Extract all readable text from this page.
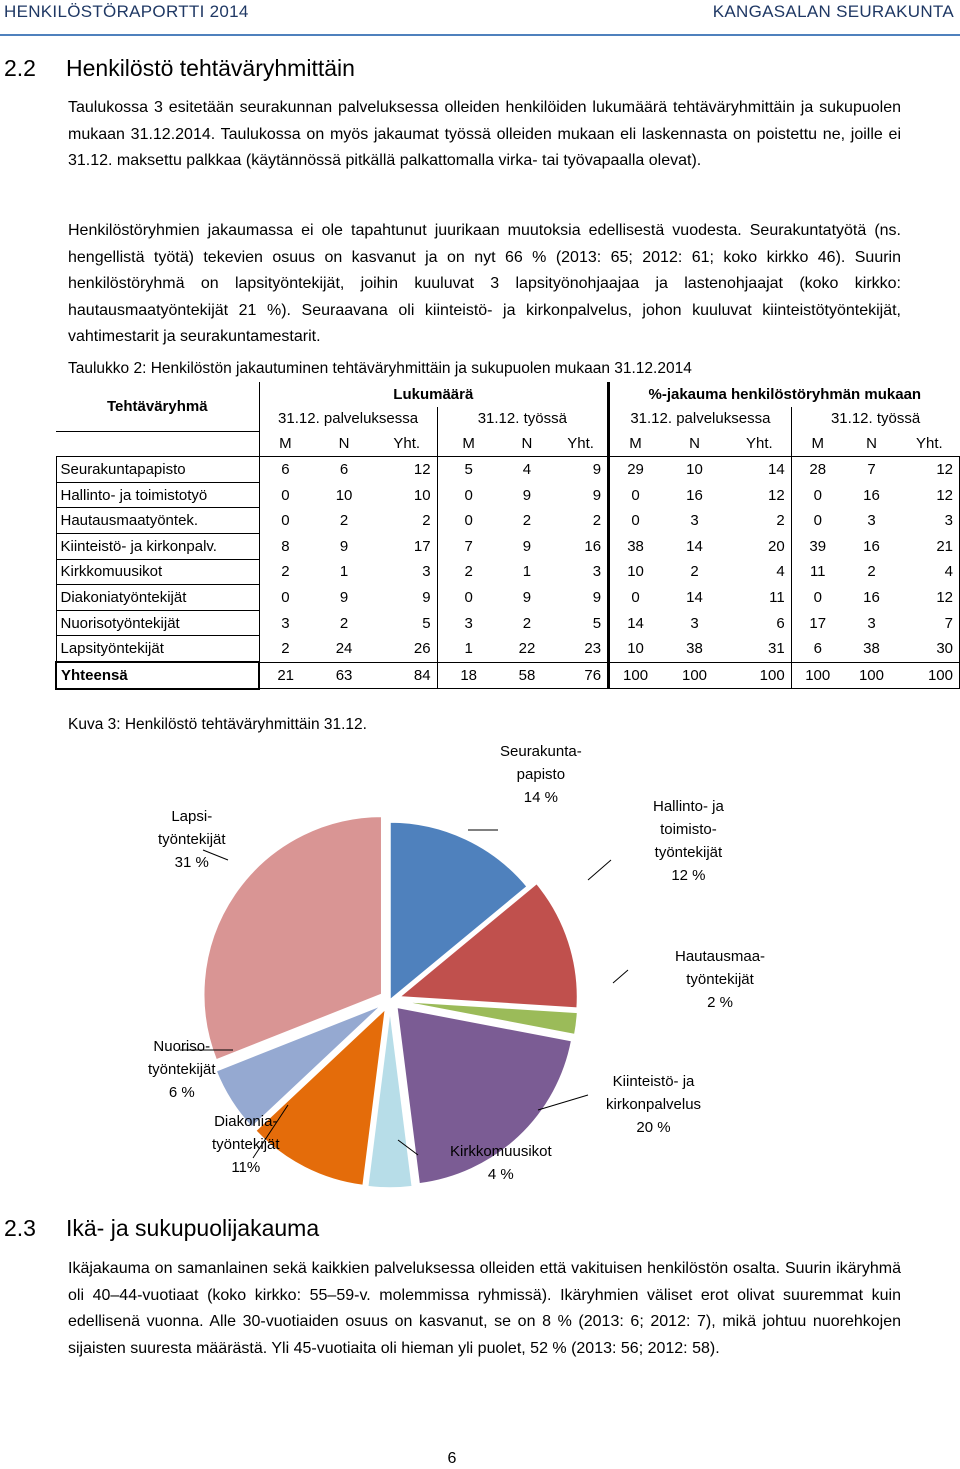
HENKILÖSTÖRAPORTTI 2014	KANGASALAN SEURAKUNTA
2.2 Henkilöstö tehtäväryhmittäin
Taulukossa 3 esitetään seurakunnan palveluksessa olleiden henkilöiden lukumäärä tehtäväryhmittäin ja sukupuolen mukaan 31.12.2014. Taulukossa on myös jakaumat työssä olleiden mukaan eli laskennasta on poistettu ne, joille ei 31.12. maksettu palkkaa (käytännössä pitkällä palkattomalla virka- tai työvapaalla olevat).
Henkilöstöryhmien jakaumassa ei ole tapahtunut juurikaan muutoksia edellisestä vuodesta. Seurakuntatyötä (ns. hengellistä työtä) tekevien osuus on kasvanut ja on nyt 66 % (2013: 65; 2012: 61; koko kirkko 46). Suurin henkilöstöryhmä on lapsityöntekijät, joihin kuuluvat 3 lapsityönohjaajaa ja lastenohjaajat (koko kirkko: hautausmaatyöntekijät 21 %). Seuraavana oli kiinteistö- ja kirkonpalvelus, johon kuuluvat kiinteistötyöntekijät, vahtimestarit ja seurakuntamestarit.
Taulukko 2: Henkilöstön jakautuminen tehtäväryhmittäin ja sukupuolen mukaan 31.12.2014
Tehtäväryhmä	Lukumäärä						%-jakauma henkilöstöryhmän mukaan					
	31.12. palveluksessa			31.12. työssä			31.12. palveluksessa			31.12. työssä		
	M	N	Yht.	M	N	Yht.	M	N	Yht.	M	N	Yht.
Seurakuntapapisto	6	6	12	5	4	9	29	10	14	28	7	12
Hallinto- ja toimistotyö	0	10	10	0	9	9	0	16	12	0	16	12
Hautausmaatyöntek.	0	2	2	0	2	2	0	3	2	0	3	3
Kiinteistö- ja kirkonpalv.	8	9	17	7	9	16	38	14	20	39	16	21
Kirkkomuusikot	2	1	3	2	1	3	10	2	4	11	2	4
Diakoniatyöntekijät	0	9	9	0	9	9	0	14	11	0	16	12
Nuorisotyöntekijät	3	2	5	3	2	5	14	3	6	17	3	7
Lapsityöntekijät	2	24	26	1	22	23	10	38	31	6	38	30
Yhteensä	21	63	84	18	58	76	100	100	100	100	100	100
Kuva 3: Henkilöstö tehtäväryhmittäin 31.12.
Seurakunta-
papisto
14 %
Hallinto- ja
toimisto-
työntekijät
12 %
Hautausmaa-
työntekijät
2 %
Kiinteistö- ja
kirkonpalvelus
20 %
Kirkkomuusikot
4 %
Diakonia-
työntekijät
11%
Nuoriso-
työntekijät
6 %
Lapsi-
työntekijät
31 %
2.3 Ikä- ja sukupuolijakauma
Ikäjakauma on samanlainen sekä kaikkien palveluksessa olleiden että vakituisen henkilöstön osalta. Suurin ikäryhmä oli 40–44-vuotiaat (koko kirkko: 55–59-v. molemmissa ryhmissä). Ikäryhmien väliset erot olivat suuremmat kuin edellisenä vuonna. Alle 30-vuotiaiden osuus on kasvanut, se on 8 % (2013: 6; 2012: 7), mikä johtuu nuorehkojen sijaisten suuresta määrästä. Yli 45-vuotiaita oli hieman yli puolet, 52 % (2013: 56; 2012: 58).
6
